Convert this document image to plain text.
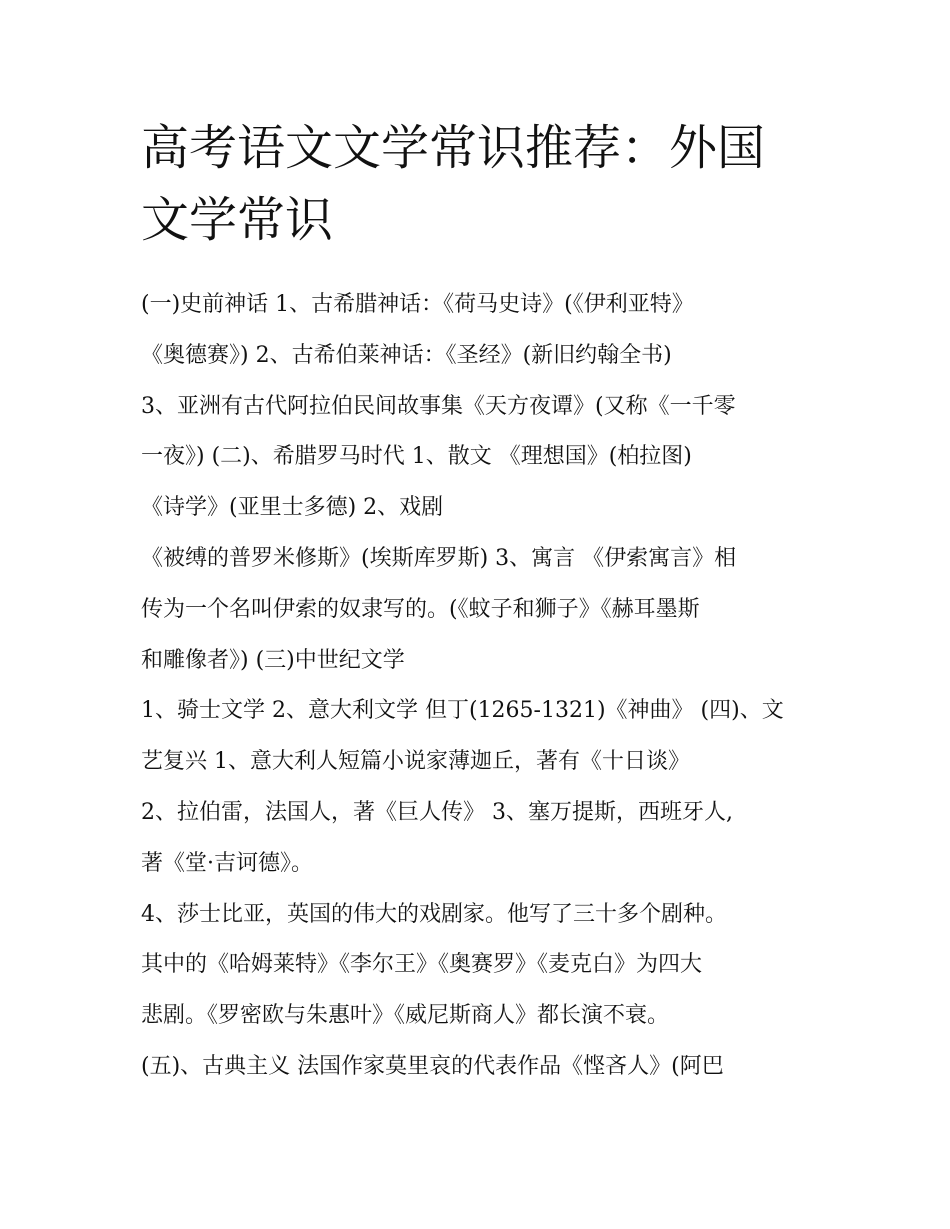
高考语文文学常识推荐：外国
文学常识
(一)史前神话 1、古希腊神话：《荷马史诗》(《伊利亚特》
《奥德赛》) 2、古希伯莱神话：《圣经》(新旧约翰全书)
3、亚洲有古代阿拉伯民间故事集《天方夜谭》(又称《一千零
一夜》) (二)、希腊罗马时代 1、散文 《理想国》(柏拉图)
《诗学》(亚里士多德) 2、戏剧
《被缚的普罗米修斯》(埃斯库罗斯) 3、寓言 《伊索寓言》相
传为一个名叫伊索的奴隶写的。(《蚊子和狮子》《赫耳墨斯
和雕像者》) (三)中世纪文学
1、骑士文学 2、意大利文学 但丁(1265-1321)《神曲》 (四)、文
艺复兴 1、意大利人短篇小说家薄迦丘，著有《十日谈》
2、拉伯雷，法国人，著《巨人传》 3、塞万提斯，西班牙人,
著《堂·吉诃德》。
4、莎士比亚，英国的伟大的戏剧家。他写了三十多个剧种。
其中的《哈姆莱特》《李尔王》《奥赛罗》《麦克白》为四大
悲剧。《罗密欧与朱惠叶》《威尼斯商人》都长演不衰。
(五)、古典主义 法国作家莫里哀的代表作品《悭吝人》(阿巴
